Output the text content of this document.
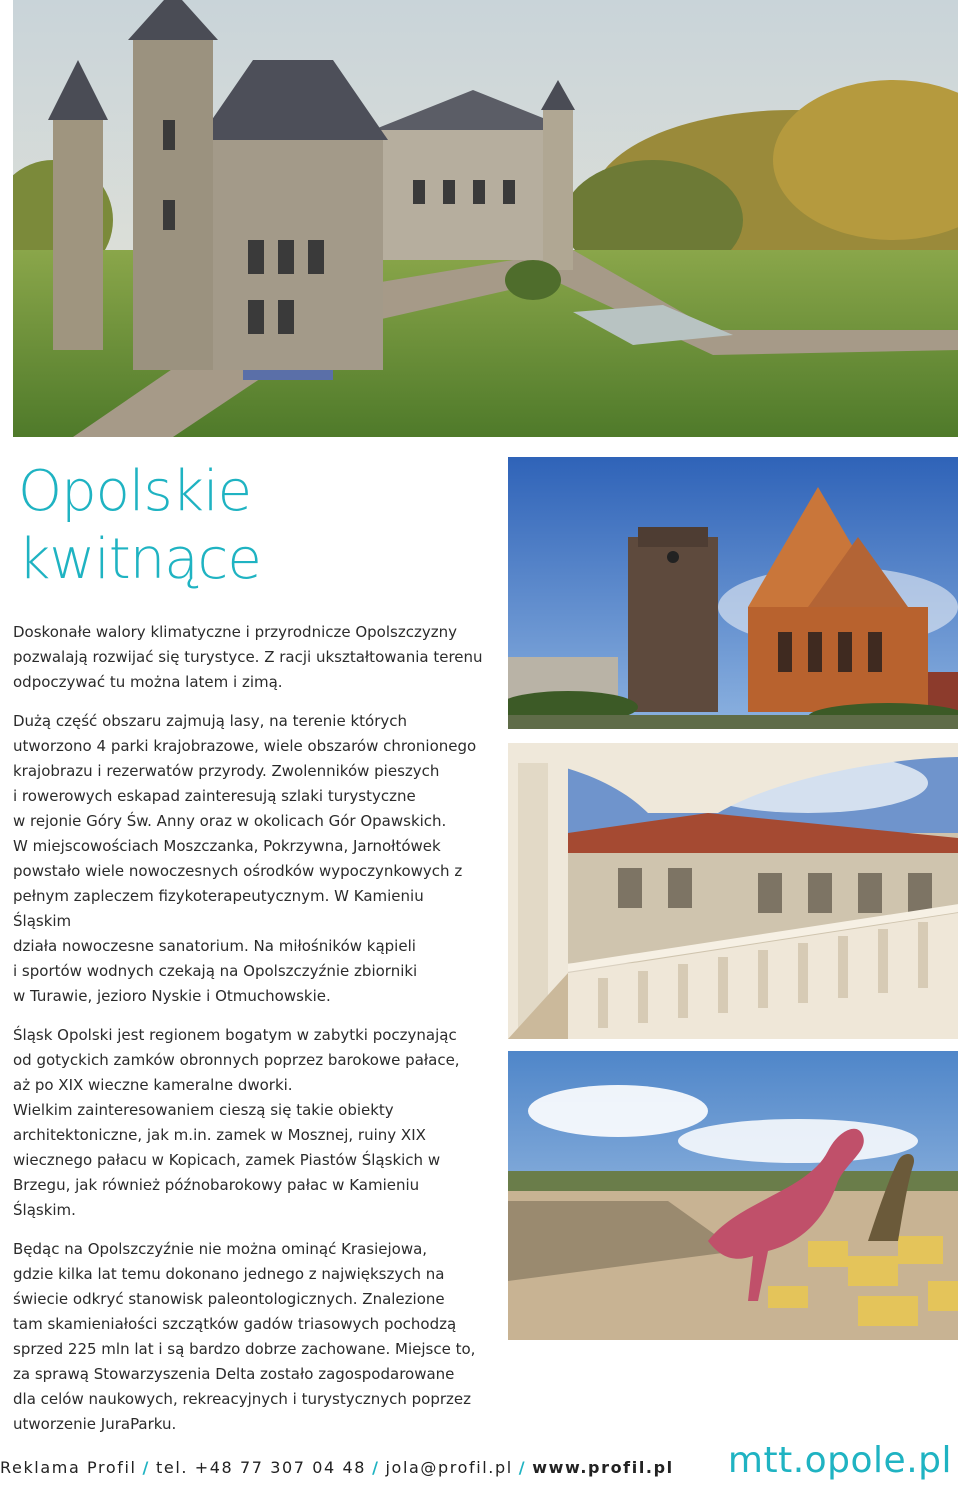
Opolskie
kwitnące

Doskonałe walory klimatyczne i przyrodnicze Opolszczyzny
pozwalają rozwijać się turystyce. Z racji ukształtowania terenu
odpoczywać tu można latem i zimą.

Dużą część obszaru zajmują lasy, na terenie których
utworzono 4 parki krajobrazowe, wiele obszarów chronionego
krajobrazu i rezerwatów przyrody. Zwolenników pieszych
i rowerowych eskapad zainteresują szlaki turystyczne
w rejonie Góry Św. Anny oraz w okolicach Gór Opawskich.
W miejscowościach Moszczanka, Pokrzywna, Jarnołtówek
powstało wiele nowoczesnych ośrodków wypoczynkowych z
pełnym zapleczem fizykoterapeutycznym. W Kamieniu Śląskim
działa nowoczesne sanatorium. Na miłośników kąpieli
i sportów wodnych czekają na Opolszczyźnie zbiorniki
w Turawie, jezioro Nyskie i Otmuchowskie.

Śląsk Opolski jest regionem bogatym w zabytki poczynając
od gotyckich zamków obronnych poprzez barokowe pałace,
aż po XIX wieczne kameralne dworki.
Wielkim zainteresowaniem cieszą się takie obiekty
architektoniczne, jak m.in. zamek w Mosznej, ruiny XIX
wiecznego pałacu w Kopicach, zamek Piastów Śląskich w
Brzegu, jak również późnobarokowy pałac w Kamieniu Śląskim.

Będąc na Opolszczyźnie nie można ominąć Krasiejowa,
gdzie kilka lat temu dokonano jednego z największych na
świecie odkryć stanowisk paleontologicznych. Znalezione
tam skamieniałości szczątków gadów triasowych pochodzą
sprzed 225 mln lat i są bardzo dobrze zachowane. Miejsce to,
za sprawą Stowarzyszenia Delta zostało zagospodarowane
dla celów naukowych, rekreacyjnych i turystycznych poprzez
utworzenie JuraParku.

Reklama Profil / tel. +48 77 307 04 48 / jola@profil.pl / www.profil.pl mtt.opole.pl
